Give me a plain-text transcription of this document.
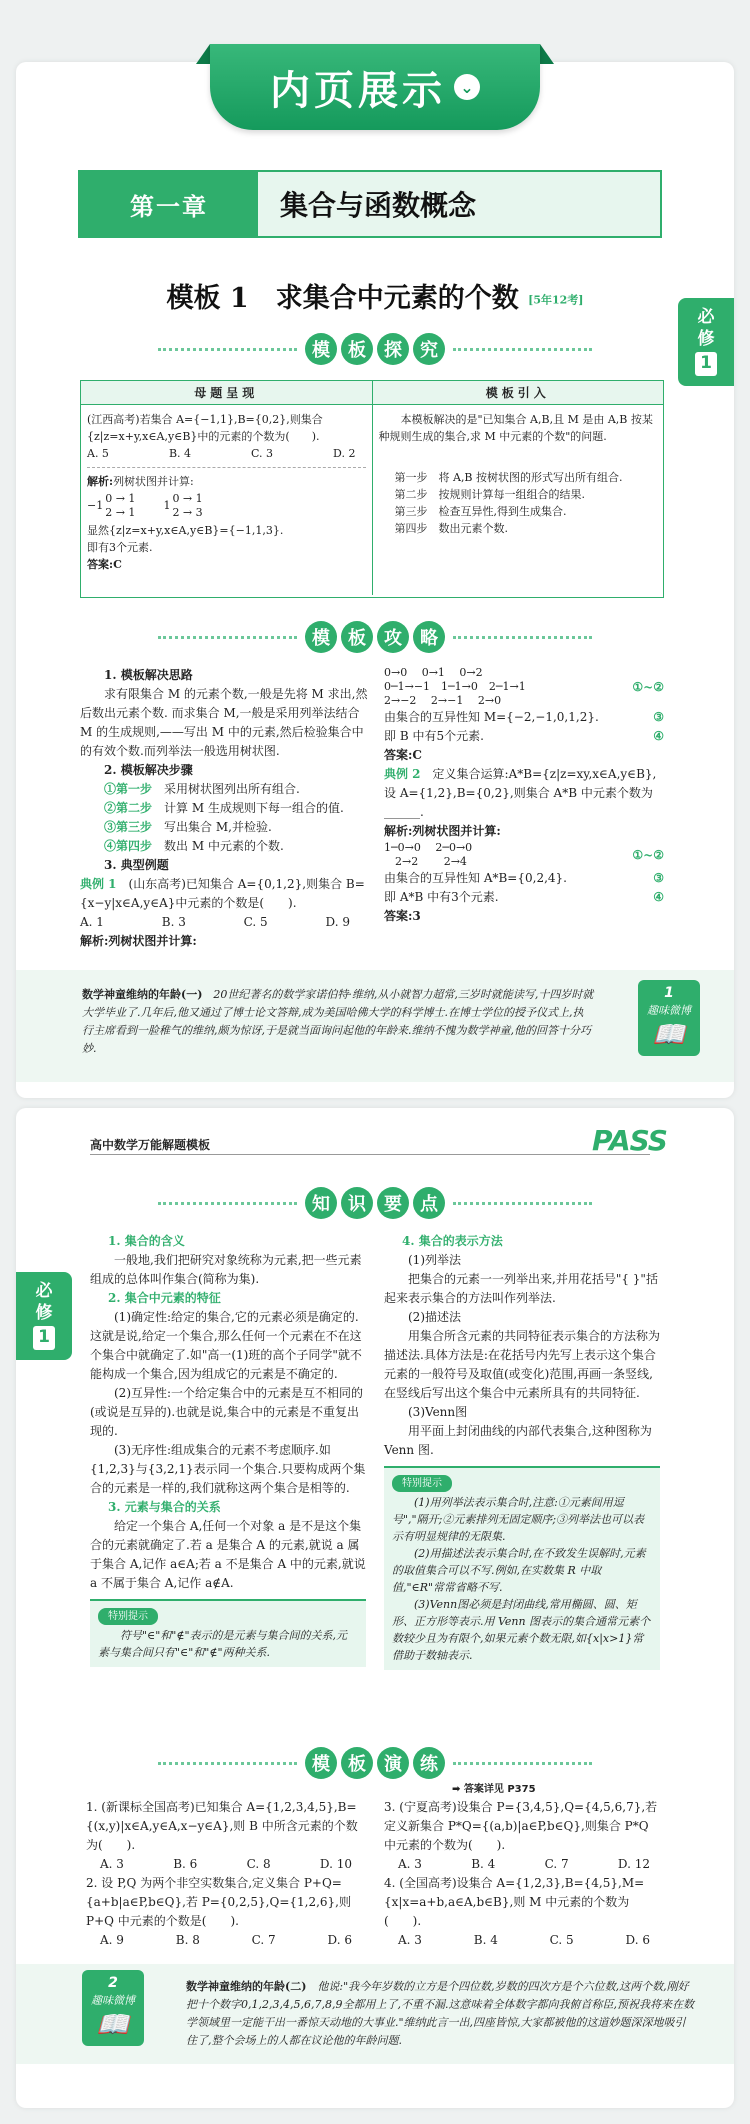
内页展示 ⌄
第一章	集合与函数概念
模板 1　求集合中元素的个数 [5年12考]
必
修
1
模	板	探	究
母题呈现	模板引入
(江西高考)若集合 A={−1,1},B={0,2},则集合{z|z=x+y,x∈A,y∈B}中的元素的个数为(　　).
A. 5	B. 4	C. 3	D. 2
解析:列树状图并计算:
−1
0 → 1
2 → 1
1
0 → 1
2 → 3
显然{z|z=x+y,x∈A,y∈B}={−1,1,3}.
即有3个元素.
答案:C
本模板解决的是"已知集合 A,B,且 M 是由 A,B 按某种规则生成的集合,求 M 中元素的个数"的问题.
第一步　将 A,B 按树状图的形式写出所有组合.
第二步　按规则计算每一组组合的结果.
第三步　检查互异性,得到生成集合.
第四步　数出元素个数.
模	板	攻	略
1. 模板解决思路
求有限集合 M 的元素个数,一般是先将 M 求出,然后数出元素个数. 而求集合 M,一般是采用列举法结合 M 的生成规则,——写出 M 中的元素,然后检验集合中的有效个数.而列举法一般选用树状图.
2. 模板解决步骤
①第一步　 采用树状图列出所有组合.
②第二步　 计算 M 生成规则下每一组合的值.
③第三步　 写出集合 M,并检验.
④第四步　 数出 M 中元素的个数.
3. 典型例题
典例 1　 (山东高考)已知集合 A={0,1,2},则集合 B={x−y|x∈A,y∈A}中元素的个数是(　　).
A. 1	B. 3	C. 5	D. 9
解析:列树状图并计算:
0→0　 0→1　 0→2
0─1→−1　1─1→0　2─1→1
2→−2　 2→−1　 2→0
①~②
由集合的互异性知 M={−2,−1,0,1,2}.	③
即 B 中有5个元素.	④
答案:C
典例 2　 定义集合运算:A*B={z|z=xy,x∈A,y∈B},设 A={1,2},B={0,2},则集合 A*B 中元素个数为______.
解析:列树状图并计算:
1─0→0　 2─0→0
　2→2　　 2→4	①~②
由集合的互异性知 A*B={0,2,4}.	③
即 A*B 中有3个元素.	④
答案:3
数学神童维纳的年龄(一)　 20世纪著名的数学家诺伯特·维纳,从小就智力超常,三岁时就能读写,十四岁时就大学毕业了.几年后,他又通过了博士论文答辩,成为美国哈佛大学的科学博士.在博士学位的授予仪式上,执行主席看到一脸稚气的维纳,颇为惊讶,于是就当面询问起他的年龄来.维纳不愧为数学神童,他的回答十分巧妙.
1
趣味微博
📖
高中数学万能解题模板	PASS
必
修
1
知	识	要	点
1. 集合的含义
一般地,我们把研究对象统称为元素,把一些元素组成的总体叫作集合(简称为集).
2. 集合中元素的特征
(1)确定性:给定的集合,它的元素必须是确定的.这就是说,给定一个集合,那么任何一个元素在不在这个集合中就确定了.如"高一(1)班的高个子同学"就不能构成一个集合,因为组成它的元素是不确定的.
(2)互异性:一个给定集合中的元素是互不相同的(或说是互异的).也就是说,集合中的元素是不重复出现的.
(3)无序性:组成集合的元素不考虑顺序.如{1,2,3}与{3,2,1}表示同一个集合.只要构成两个集合的元素是一样的,我们就称这两个集合是相等的.
3. 元素与集合的关系
给定一个集合 A,任何一个对象 a 是不是这个集合的元素就确定了.若 a 是集合 A 的元素,就说 a 属于集合 A,记作 a∈A;若 a 不是集合 A 中的元素,就说 a 不属于集合 A,记作 a∉A.
特别提示
符号"∈"和"∉"表示的是元素与集合间的关系,元素与集合间只有"∈"和"∉"两种关系.
4. 集合的表示方法
(1)列举法
把集合的元素一一列举出来,并用花括号"{ }"括起来表示集合的方法叫作列举法.
(2)描述法
用集合所含元素的共同特征表示集合的方法称为描述法.具体方法是:在花括号内先写上表示这个集合元素的一般符号及取值(或变化)范围,再画一条竖线,在竖线后写出这个集合中元素所具有的共同特征.
(3)Venn图
用平面上封闭曲线的内部代表集合,这种图称为 Venn 图.
特别提示
(1)用列举法表示集合时,注意:①元素间用逗号","隔开;②元素排列无固定顺序;③列举法也可以表示有明显规律的无限集.
(2)用描述法表示集合时,在不致发生误解时,元素的取值集合可以不写.例如,在实数集 R 中取值,"∈R"常常省略不写.
(3)Venn图必须是封闭曲线,常用椭圆、圆、矩形、正方形等表示.用 Venn 图表示的集合通常元素个数较少且为有限个,如果元素个数无限,如{x|x>1}常借助于数轴表示.
模	板	演	练
➡ 答案详见 P375
1. (新课标全国高考)已知集合 A={1,2,3,4,5},B={(x,y)|x∈A,y∈A,x−y∈A},则 B 中所含元素的个数为(　　).
A. 3	B. 6	C. 8	D. 10
2. 设 P,Q 为两个非空实数集合,定义集合 P+Q={a+b|a∈P,b∈Q},若 P={0,2,5},Q={1,2,6},则 P+Q 中元素的个数是(　　).
A. 9	B. 8	C. 7	D. 6
3. (宁夏高考)设集合 P={3,4,5},Q={4,5,6,7},若定义新集合 P*Q={(a,b)|a∈P,b∈Q},则集合 P*Q 中元素的个数为(　　).
A. 3	B. 4	C. 7	D. 12
4. (全国高考)设集合 A={1,2,3},B={4,5},M={x|x=a+b,a∈A,b∈B},则 M 中元素的个数为(　　).
A. 3	B. 4	C. 5	D. 6
数学神童维纳的年龄(二)　 他说:"我今年岁数的立方是个四位数,岁数的四次方是个六位数,这两个数,刚好把十个数字0,1,2,3,4,5,6,7,8,9全都用上了,不重不漏.这意味着全体数字都向我俯首称臣,预祝我将来在数学领域里一定能干出一番惊天动地的大事业."维纳此言一出,四座皆惊,大家都被他的这道妙题深深地吸引住了,整个会场上的人都在议论他的年龄问题.
2
趣味微博
📖
